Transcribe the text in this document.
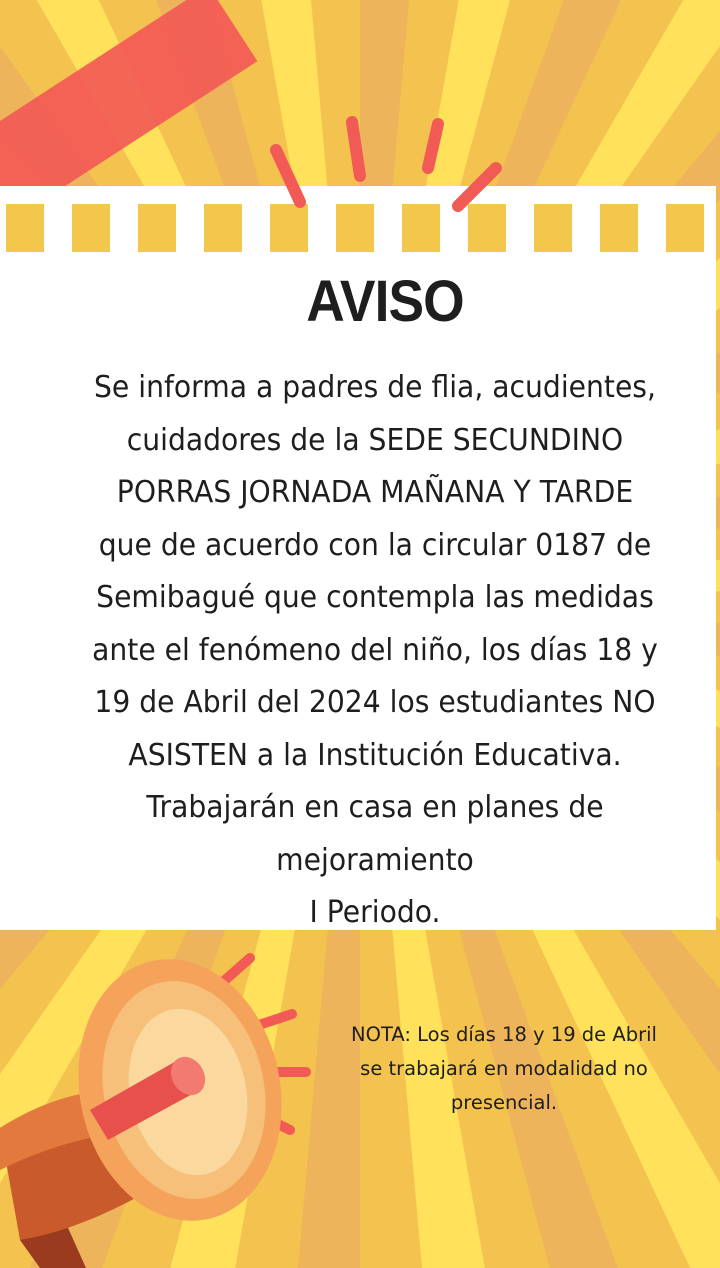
AVISO
Se informa a padres de flia, acudientes,
cuidadores de la SEDE SECUNDINO
PORRAS JORNADA MAÑANA Y TARDE
que de acuerdo con la circular 0187 de
Semibagué que contempla las medidas
ante el fenómeno del niño, los días 18 y
19 de Abril del 2024 los estudiantes NO
ASISTEN a la Institución Educativa.
Trabajarán en casa en planes de
mejoramiento
I Periodo.
NOTA: Los días 18 y 19 de Abril
se trabajará en modalidad no
presencial.
